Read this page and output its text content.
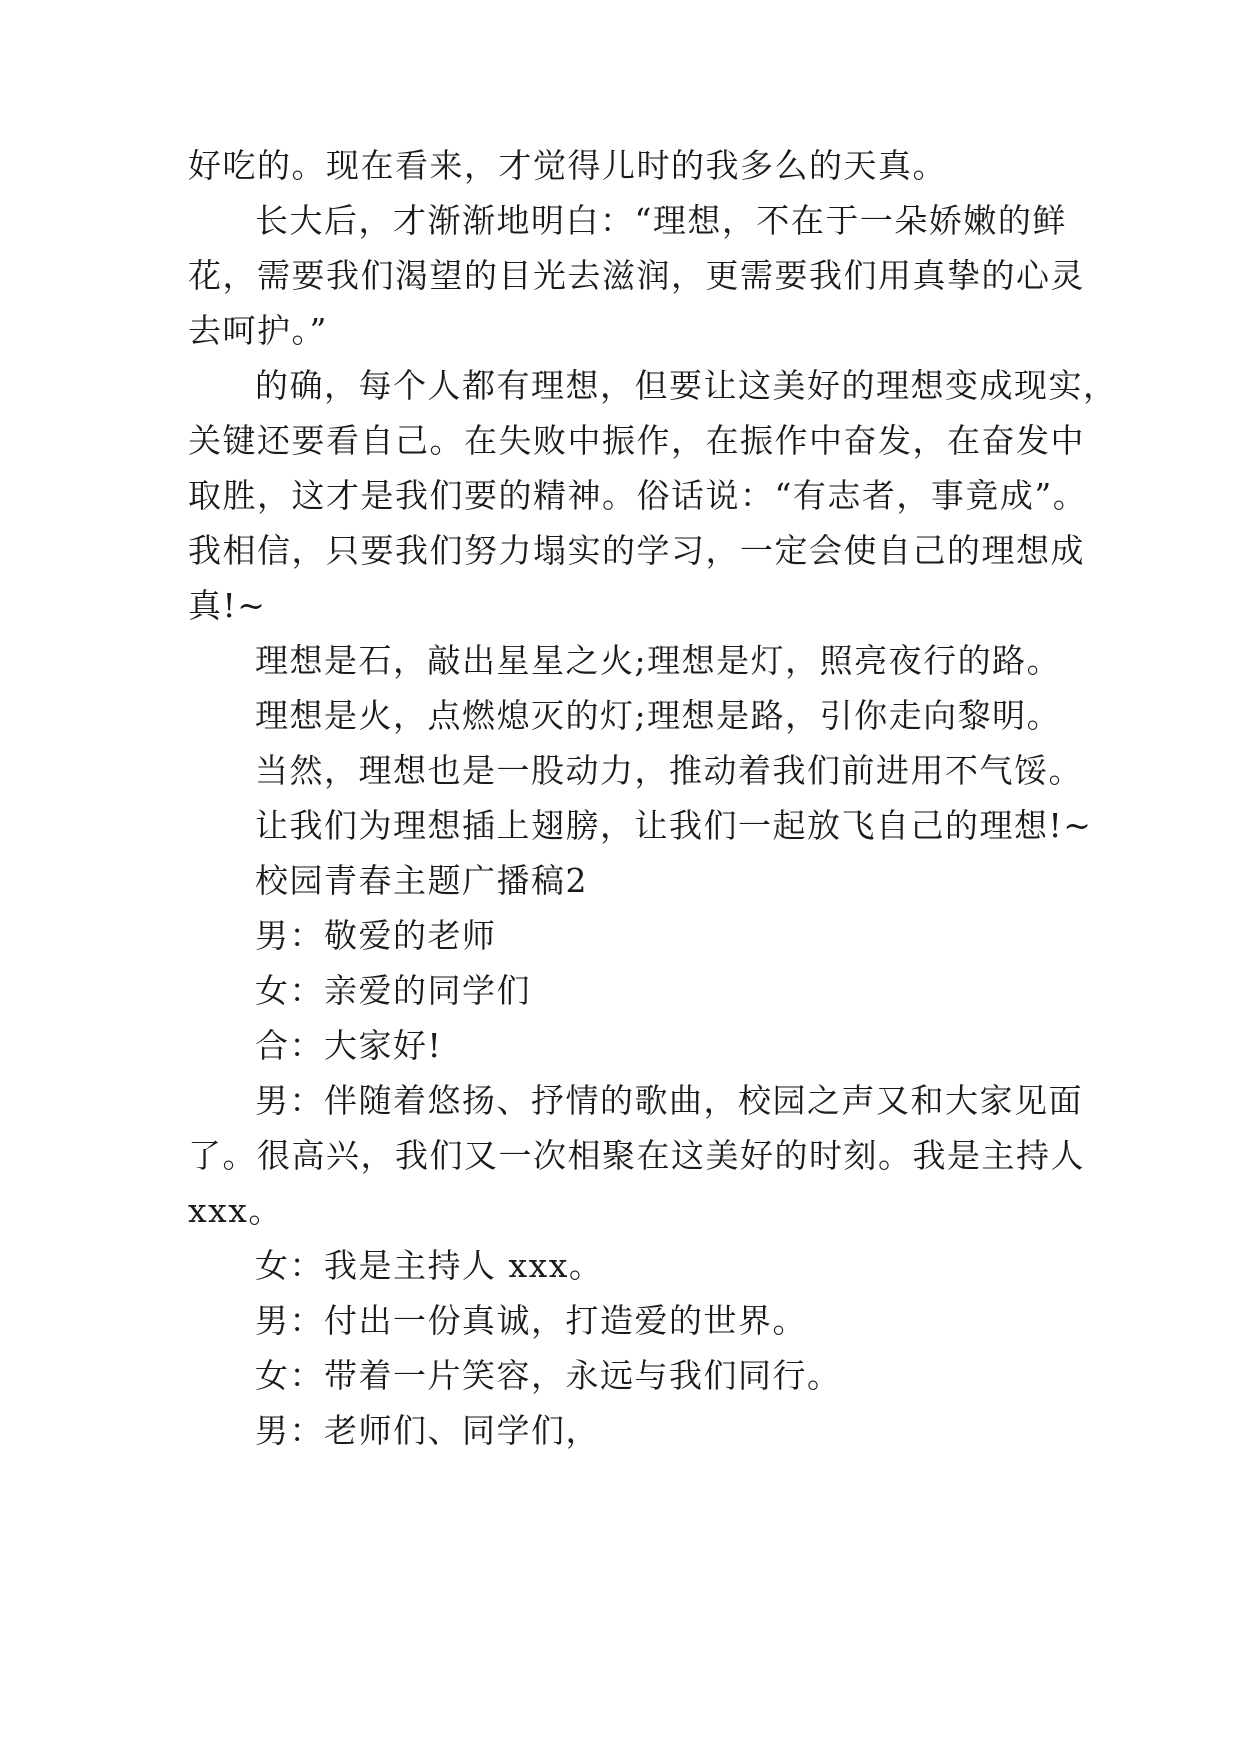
好吃的。现在看来，才觉得儿时的我多么的天真。
长大后，才渐渐地明白：“理想，不在于一朵娇嫩的鲜
花，需要我们渴望的目光去滋润，更需要我们用真挚的心灵
去呵护。”
的确，每个人都有理想，但要让这美好的理想变成现实，
关键还要看自己。在失败中振作，在振作中奋发，在奋发中
取胜，这才是我们要的精神。俗话说：“有志者，事竟成”。
我相信，只要我们努力塌实的学习，一定会使自己的理想成
真!~
理想是石，敲出星星之火;理想是灯，照亮夜行的路。
理想是火，点燃熄灭的灯;理想是路，引你走向黎明。
当然，理想也是一股动力，推动着我们前进用不气馁。
让我们为理想插上翅膀，让我们一起放飞自己的理想!~
校园青春主题广播稿2
男：敬爱的老师
女：亲爱的同学们
合：大家好!
男：伴随着悠扬、抒情的歌曲，校园之声又和大家见面
了。很高兴，我们又一次相聚在这美好的时刻。我是主持人
xxx。
女：我是主持人 xxx。
男：付出一份真诚，打造爱的世界。
女：带着一片笑容，永远与我们同行。
男：老师们、同学们，
